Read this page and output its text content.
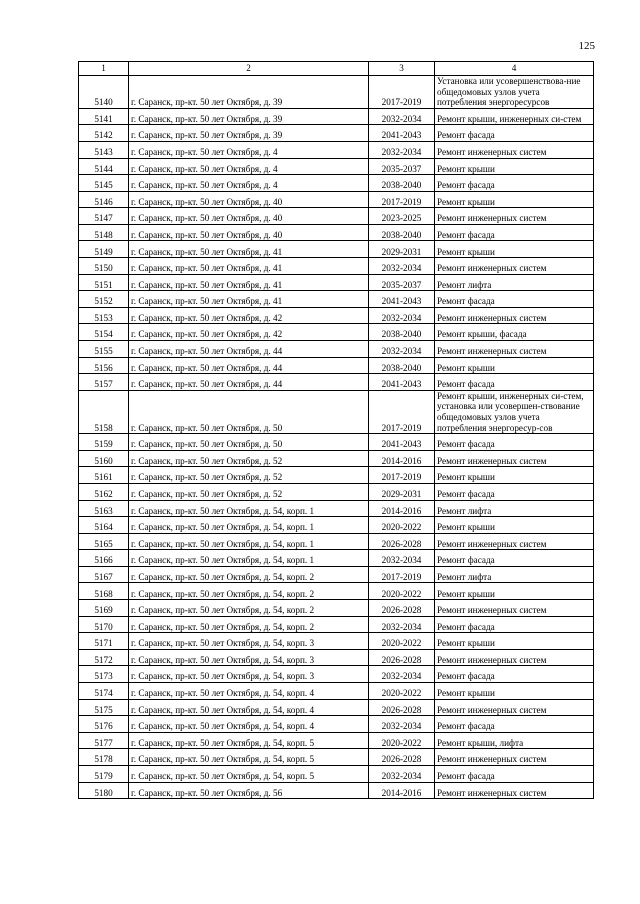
125
1	2	3	4
5140	г. Саранск, пр-кт. 50 лет Октября, д. 39	2017-2019	Установка или усовершенствова-ние общедомовых узлов учета потребления энергоресурсов
5141	г. Саранск, пр-кт. 50 лет Октября, д. 39	2032-2034	Ремонт крыши, инженерных си-стем
5142	г. Саранск, пр-кт. 50 лет Октября, д. 39	2041-2043	Ремонт фасада
5143	г. Саранск, пр-кт. 50 лет Октября, д. 4	2032-2034	Ремонт инженерных систем
5144	г. Саранск, пр-кт. 50 лет Октября, д. 4	2035-2037	Ремонт крыши
5145	г. Саранск, пр-кт. 50 лет Октября, д. 4	2038-2040	Ремонт фасада
5146	г. Саранск, пр-кт. 50 лет Октября, д. 40	2017-2019	Ремонт крыши
5147	г. Саранск, пр-кт. 50 лет Октября, д. 40	2023-2025	Ремонт инженерных систем
5148	г. Саранск, пр-кт. 50 лет Октября, д. 40	2038-2040	Ремонт фасада
5149	г. Саранск, пр-кт. 50 лет Октября, д. 41	2029-2031	Ремонт крыши
5150	г. Саранск, пр-кт. 50 лет Октября, д. 41	2032-2034	Ремонт инженерных систем
5151	г. Саранск, пр-кт. 50 лет Октября, д. 41	2035-2037	Ремонт лифта
5152	г. Саранск, пр-кт. 50 лет Октября, д. 41	2041-2043	Ремонт фасада
5153	г. Саранск, пр-кт. 50 лет Октября, д. 42	2032-2034	Ремонт инженерных систем
5154	г. Саранск, пр-кт. 50 лет Октября, д. 42	2038-2040	Ремонт крыши, фасада
5155	г. Саранск, пр-кт. 50 лет Октября, д. 44	2032-2034	Ремонт инженерных систем
5156	г. Саранск, пр-кт. 50 лет Октября, д. 44	2038-2040	Ремонт крыши
5157	г. Саранск, пр-кт. 50 лет Октября, д. 44	2041-2043	Ремонт фасада
5158	г. Саранск, пр-кт. 50 лет Октября, д. 50	2017-2019	Ремонт крыши, инженерных си-стем, установка или усовершен-ствование общедомовых узлов учета потребления энергоресур-сов
5159	г. Саранск, пр-кт. 50 лет Октября, д. 50	2041-2043	Ремонт фасада
5160	г. Саранск, пр-кт. 50 лет Октября, д. 52	2014-2016	Ремонт инженерных систем
5161	г. Саранск, пр-кт. 50 лет Октября, д. 52	2017-2019	Ремонт крыши
5162	г. Саранск, пр-кт. 50 лет Октября, д. 52	2029-2031	Ремонт фасада
5163	г. Саранск, пр-кт. 50 лет Октября, д. 54, корп. 1	2014-2016	Ремонт лифта
5164	г. Саранск, пр-кт. 50 лет Октября, д. 54, корп. 1	2020-2022	Ремонт крыши
5165	г. Саранск, пр-кт. 50 лет Октября, д. 54, корп. 1	2026-2028	Ремонт инженерных систем
5166	г. Саранск, пр-кт. 50 лет Октября, д. 54, корп. 1	2032-2034	Ремонт фасада
5167	г. Саранск, пр-кт. 50 лет Октября, д. 54, корп. 2	2017-2019	Ремонт лифта
5168	г. Саранск, пр-кт. 50 лет Октября, д. 54, корп. 2	2020-2022	Ремонт крыши
5169	г. Саранск, пр-кт. 50 лет Октября, д. 54, корп. 2	2026-2028	Ремонт инженерных систем
5170	г. Саранск, пр-кт. 50 лет Октября, д. 54, корп. 2	2032-2034	Ремонт фасада
5171	г. Саранск, пр-кт. 50 лет Октября, д. 54, корп. 3	2020-2022	Ремонт крыши
5172	г. Саранск, пр-кт. 50 лет Октября, д. 54, корп. 3	2026-2028	Ремонт инженерных систем
5173	г. Саранск, пр-кт. 50 лет Октября, д. 54, корп. 3	2032-2034	Ремонт фасада
5174	г. Саранск, пр-кт. 50 лет Октября, д. 54, корп. 4	2020-2022	Ремонт крыши
5175	г. Саранск, пр-кт. 50 лет Октября, д. 54, корп. 4	2026-2028	Ремонт инженерных систем
5176	г. Саранск, пр-кт. 50 лет Октября, д. 54, корп. 4	2032-2034	Ремонт фасада
5177	г. Саранск, пр-кт. 50 лет Октября, д. 54, корп. 5	2020-2022	Ремонт крыши, лифта
5178	г. Саранск, пр-кт. 50 лет Октября, д. 54, корп. 5	2026-2028	Ремонт инженерных систем
5179	г. Саранск, пр-кт. 50 лет Октября, д. 54, корп. 5	2032-2034	Ремонт фасада
5180	г. Саранск, пр-кт. 50 лет Октября, д. 56	2014-2016	Ремонт инженерных систем
